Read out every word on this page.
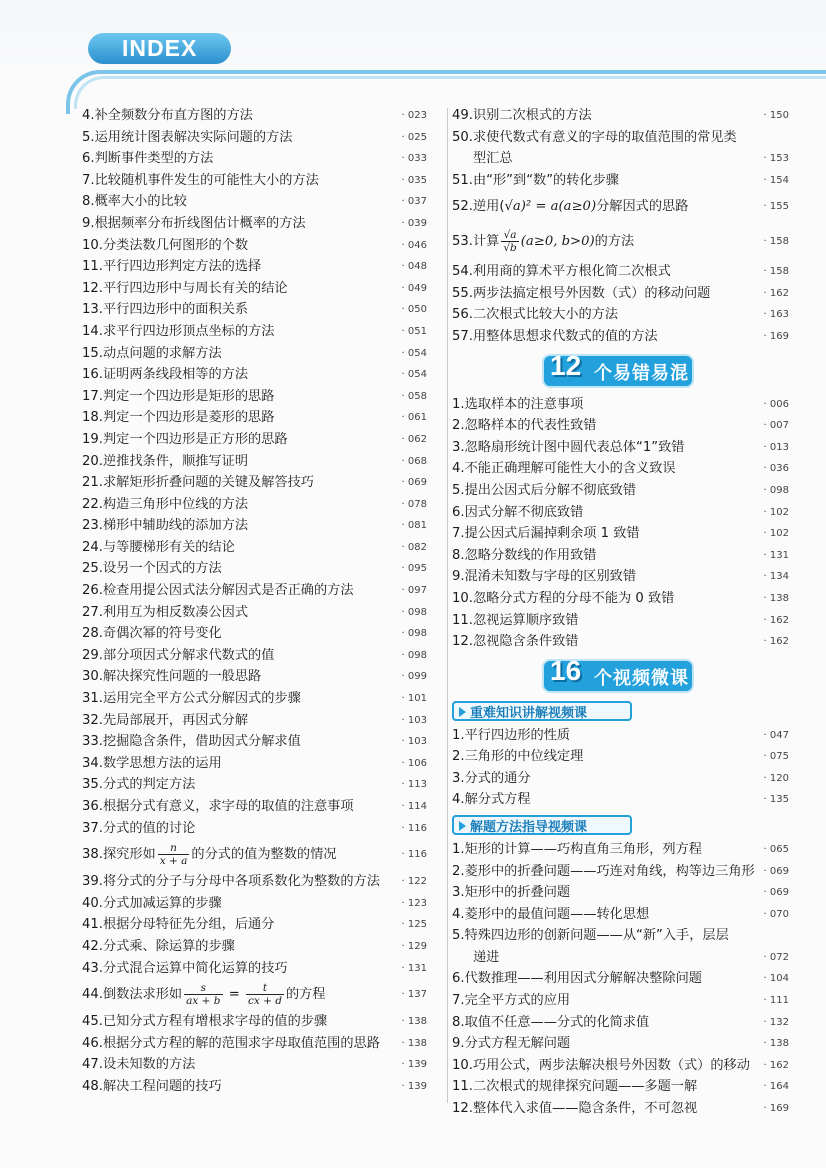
INDEX
4.补全频数分布直方图的方法	· 023
5.运用统计图表解决实际问题的方法	· 025
6.判断事件类型的方法	· 033
7.比较随机事件发生的可能性大小的方法	· 035
8.概率大小的比较	· 037
9.根据频率分布折线图估计概率的方法	· 039
10.分类法数几何图形的个数	· 046
11.平行四边形判定方法的选择	· 048
12.平行四边形中与周长有关的结论	· 049
13.平行四边形中的面积关系	· 050
14.求平行四边形顶点坐标的方法	· 051
15.动点问题的求解方法	· 054
16.证明两条线段相等的方法	· 054
17.判定一个四边形是矩形的思路	· 058
18.判定一个四边形是菱形的思路	· 061
19.判定一个四边形是正方形的思路	· 062
20.逆推找条件，顺推写证明	· 068
21.求解矩形折叠问题的关键及解答技巧	· 069
22.构造三角形中位线的方法	· 078
23.梯形中辅助线的添加方法	· 081
24.与等腰梯形有关的结论	· 082
25.设另一个因式的方法	· 095
26.检查用提公因式法分解因式是否正确的方法	· 097
27.利用互为相反数凑公因式	· 098
28.奇偶次幂的符号变化	· 098
29.部分项因式分解求代数式的值	· 098
30.解决探究性问题的一般思路	· 099
31.运用完全平方公式分解因式的步骤	· 101
32.先局部展开，再因式分解	· 103
33.挖掘隐含条件，借助因式分解求值	· 103
34.数学思想方法的运用	· 106
35.分式的判定方法	· 113
36.根据分式有意义，求字母的取值的注意事项	· 114
37.分式的值的讨论	· 116
38.探究形如 $\frac{n}{x + a}$ 的分式的值为整数的情况	· 116
39.将分式的分子与分母中各项系数化为整数的方法 · 122
40.分式加减运算的步骤	· 123
41.根据分母特征先分组，后通分	· 125
42.分式乘、除运算的步骤	· 129
43.分式混合运算中简化运算的技巧	· 131
44.倒数法求形如 $\frac{s}{ax + b} = \frac{t}{cx + d}$ 的方程	· 137
45.已知分式方程有增根求字母的值的步骤	· 138
46.根据分式方程的解的范围求字母取值范围的思路 · 138
47.设未知数的方法	· 139
48.解决工程问题的技巧	· 139
49.识别二次根式的方法	· 150
50.求使代数式有意义的字母的取值范围的常见类
型汇总	· 153
51.由“形”到“数”的转化步骤	· 154
52.逆用(√a)² = a(a≥0)分解因式的思路	· 155
53.计算 $\frac{√a}{√b} (a\ge 0$, b>0)的方法	· 158
54.利用商的算术平方根化简二次根式	· 158
55.两步法搞定根号外因数（式）的移动问题	· 162
56.二次根式比较大小的方法	· 163
57.用整体思想求代数式的值的方法	· 169
12 个易错易混
1.选取样本的注意事项	· 006
2.忽略样本的代表性致错	· 007
3.忽略扇形统计图中圆代表总体“1”致错	· 013
4.不能正确理解可能性大小的含义致误	· 036
5.提出公因式后分解不彻底致错	· 098
6.因式分解不彻底致错	· 102
7.提公因式后漏掉剩余项 1 致错	· 102
8.忽略分数线的作用致错	· 131
9.混淆未知数与字母的区别致错	· 134
10.忽略分式方程的分母不能为 0 致错	· 138
11.忽视运算顺序致错	· 162
12.忽视隐含条件致错	· 162
16 个视频微课
重难知识讲解视频课
1.平行四边形的性质	· 047
2.三角形的中位线定理	· 075
3.分式的通分	· 120
4.解分式方程	· 135
解题方法指导视频课
1.矩形的计算——巧构直角三角形，列方程	· 065
2.菱形中的折叠问题——巧连对角线，构等边三角形 · 069
3.矩形中的折叠问题	· 069
4.菱形中的最值问题——转化思想	· 070
5.特殊四边形的创新问题——从“新”入手，层层
递进	· 072
6.代数推理——利用因式分解解决整除问题	· 104
7.完全平方式的应用	· 111
8.取值不任意——分式的化简求值	· 132
9.分式方程无解问题	· 138
10.巧用公式，两步法解决根号外因数（式）的移动 · 162
11.二次根式的规律探究问题——多题一解	· 164
12.整体代入求值——隐含条件，不可忽视	· 169
